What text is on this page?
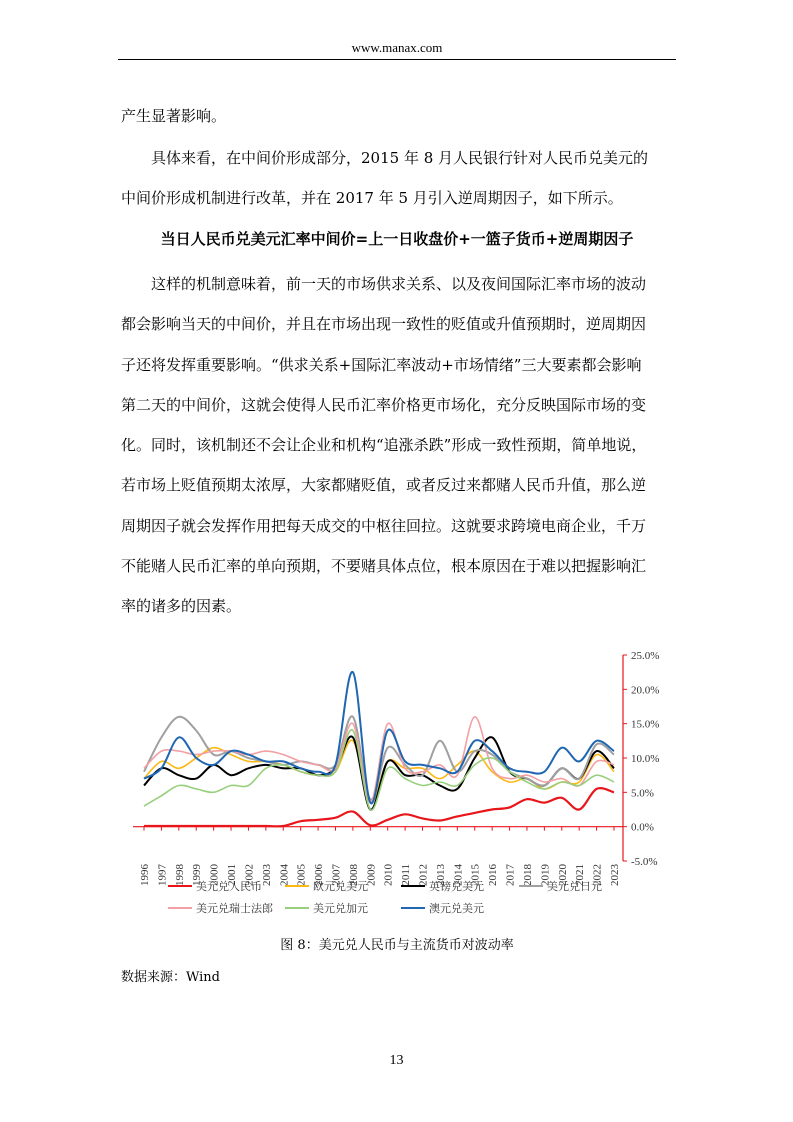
www.manax.com
产生显著影响。
　　具体来看，在中间价形成部分，2015 年 8 月人民银行针对人民币兑美元的
中间价形成机制进行改革，并在 2017 年 5 月引入逆周期因子，如下所示。
当日人民币兑美元汇率中间价=上一日收盘价+一篮子货币+逆周期因子
　　这样的机制意味着，前一天的市场供求关系、以及夜间国际汇率市场的波动
都会影响当天的中间价，并且在市场出现一致性的贬值或升值预期时，逆周期因
子还将发挥重要影响。“供求关系+国际汇率波动+市场情绪”三大要素都会影响
第二天的中间价，这就会使得人民币汇率价格更市场化，充分反映国际市场的变
化。同时，该机制还不会让企业和机构“追涨杀跌”形成一致性预期，简单地说，
若市场上贬值预期太浓厚，大家都赌贬值，或者反过来都赌人民币升值，那么逆
周期因子就会发挥作用把每天成交的中枢往回拉。这就要求跨境电商企业，千万
不能赌人民币汇率的单向预期，不要赌具体点位，根本原因在于难以把握影响汇
率的诸多的因素。
25.0%
20.0%
15.0%
10.0%
5.0%
0.0%
-5.0%
1996 1997 1998 1999 2000 2001 2002 2003 2004 2005 2006 2007 2008 2009 2010 2011 2012 2013 2014 2015 2016 2017 2018 2019 2020 2021 2022 2023
美元兑人民币	欧元兑美元	英镑兑美元	美元兑日元
美元兑瑞士法郎	美元兑加元	澳元兑美元
图 8：美元兑人民币与主流货币对波动率
数据来源：Wind
13
